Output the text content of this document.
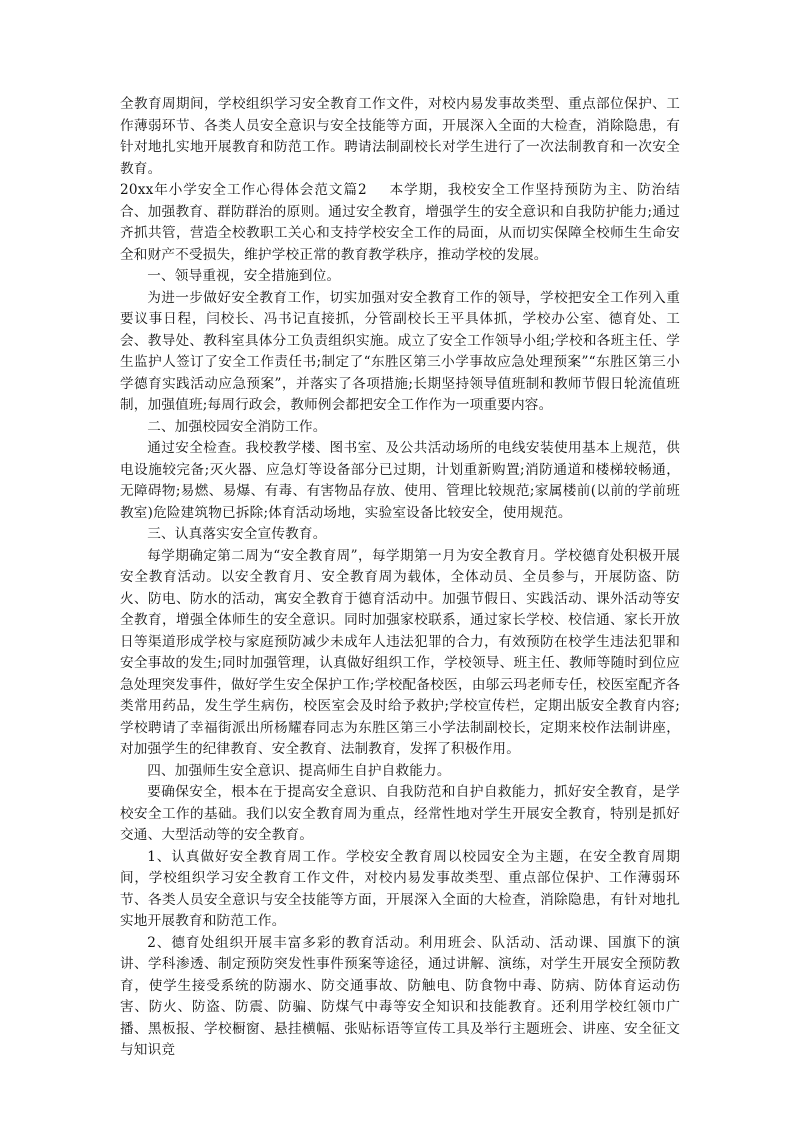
全教育周期间，学校组织学习安全教育工作文件，对校内易发事故类型、重点部位保护、工作薄弱环节、各类人员安全意识与安全技能等方面，开展深入全面的大检查，消除隐患，有针对地扎实地开展教育和防范工作。聘请法制副校长对学生进行了一次法制教育和一次安全教育。

20xx年小学安全工作心得体会范文篇2 本学期，我校安全工作坚持预防为主、防治结合、加强教育、群防群治的原则。通过安全教育，增强学生的安全意识和自我防护能力;通过齐抓共管，营造全校教职工关心和支持学校安全工作的局面，从而切实保障全校师生生命安全和财产不受损失，维护学校正常的教育教学秩序，推动学校的发展。

一、领导重视，安全措施到位。

为进一步做好安全教育工作，切实加强对安全教育工作的领导，学校把安全工作列入重要议事日程，闫校长、冯书记直接抓，分管副校长王平具体抓，学校办公室、德育处、工会、教导处、教科室具体分工负责组织实施。成立了安全工作领导小组;学校和各班主任、学生监护人签订了安全工作责任书;制定了“东胜区第三小学事故应急处理预案”“东胜区第三小学德育实践活动应急预案”，并落实了各项措施;长期坚持领导值班制和教师节假日轮流值班制，加强值班;每周行政会，教师例会都把安全工作作为一项重要内容。

二、加强校园安全消防工作。

通过安全检查。我校教学楼、图书室、及公共活动场所的电线安装使用基本上规范，供电设施较完备;灭火器、应急灯等设备部分已过期，计划重新购置;消防通道和楼梯较畅通，无障碍物;易燃、易爆、有毒、有害物品存放、使用、管理比较规范;家属楼前(以前的学前班教室)危险建筑物已拆除;体育活动场地，实验室设备比较安全，使用规范。

三、认真落实安全宣传教育。

每学期确定第二周为“安全教育周”，每学期第一月为安全教育月。学校德育处积极开展安全教育活动。以安全教育月、安全教育周为载体，全体动员、全员参与，开展防盗、防火、防电、防水的活动，寓安全教育于德育活动中。加强节假日、实践活动、课外活动等安全教育，增强全体师生的安全意识。同时加强家校联系，通过家长学校、校信通、家长开放日等渠道形成学校与家庭预防减少未成年人违法犯罪的合力，有效预防在校学生违法犯罪和安全事故的发生;同时加强管理，认真做好组织工作，学校领导、班主任、教师等随时到位应急处理突发事件，做好学生安全保护工作;学校配备校医，由邬云玛老师专任，校医室配齐各类常用药品，发生学生病伤，校医室会及时给予救护;学校宣传栏，定期出版安全教育内容;学校聘请了幸福街派出所杨耀春同志为东胜区第三小学法制副校长，定期来校作法制讲座，对加强学生的纪律教育、安全教育、法制教育，发挥了积极作用。

四、加强师生安全意识、提高师生自护自救能力。

要确保安全，根本在于提高安全意识、自我防范和自护自救能力，抓好安全教育，是学校安全工作的基础。我们以安全教育周为重点，经常性地对学生开展安全教育，特别是抓好交通、大型活动等的安全教育。

1、认真做好安全教育周工作。学校安全教育周以校园安全为主题，在安全教育周期间，学校组织学习安全教育工作文件，对校内易发事故类型、重点部位保护、工作薄弱环节、各类人员安全意识与安全技能等方面，开展深入全面的大检查，消除隐患，有针对地扎实地开展教育和防范工作。

2、德育处组织开展丰富多彩的教育活动。利用班会、队活动、活动课、国旗下的演讲、学科渗透、制定预防突发性事件预案等途径，通过讲解、演练，对学生开展安全预防教育，使学生接受系统的防溺水、防交通事故、防触电、防食物中毒、防病、防体育运动伤害、防火、防盗、防震、防骗、防煤气中毒等安全知识和技能教育。还利用学校红领巾广播、黑板报、学校橱窗、悬挂横幅、张贴标语等宣传工具及举行主题班会、讲座、安全征文与知识竞
